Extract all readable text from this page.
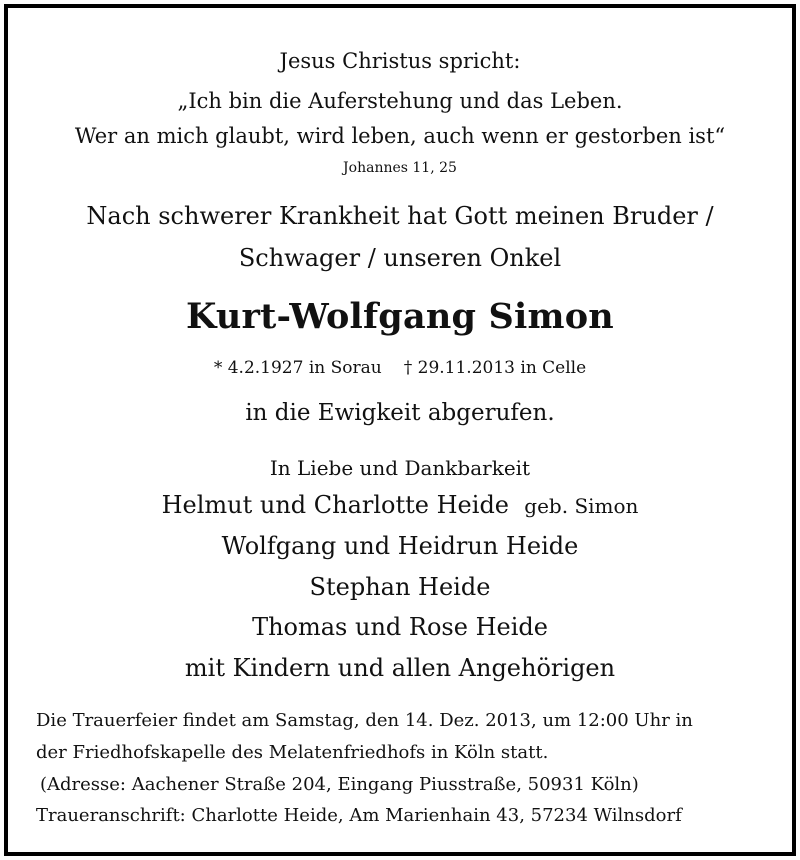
Jesus Christus spricht:
„Ich bin die Auferstehung und das Leben.
Wer an mich glaubt, wird leben, auch wenn er gestorben ist“
Johannes 11, 25
Nach schwerer Krankheit hat Gott meinen Bruder /
Schwager / unseren Onkel
Kurt-Wolfgang Simon
* 4.2.1927 in Sorau † 29.11.2013 in Celle
in die Ewigkeit abgerufen.
In Liebe und Dankbarkeit
Helmut und Charlotte Heide geb. Simon
Wolfgang und Heidrun Heide
Stephan Heide
Thomas und Rose Heide
mit Kindern und allen Angehörigen
Die Trauerfeier findet am Samstag, den 14. Dez. 2013, um 12:00 Uhr in
der Friedhofskapelle des Melatenfriedhofs in Köln statt.
(Adresse: Aachener Straße 204, Eingang Piusstraße, 50931 Köln)
Traueranschrift: Charlotte Heide, Am Marienhain 43, 57234 Wilnsdorf
